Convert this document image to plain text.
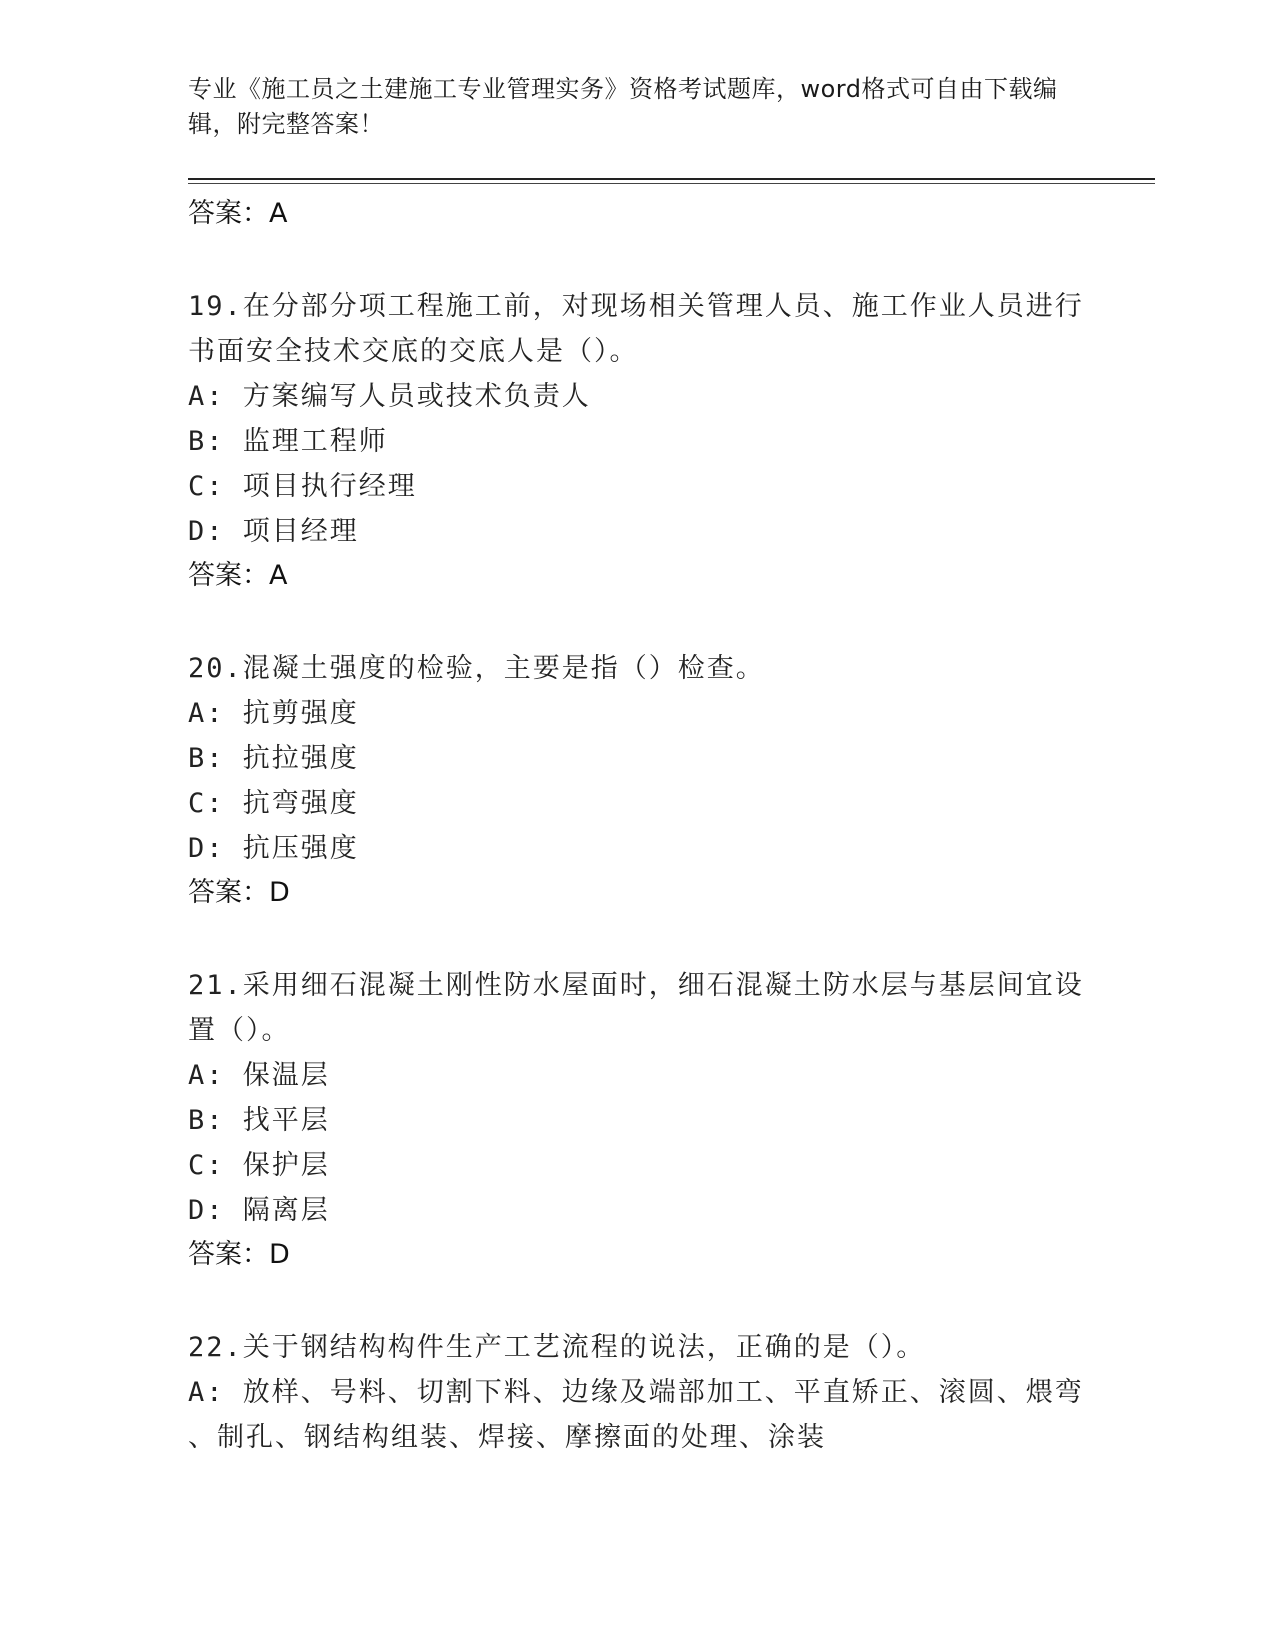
专业《施工员之土建施工专业管理实务》资格考试题库，word格式可自由下载编
辑，附完整答案！
答案：A
19.在分部分项工程施工前，对现场相关管理人员、施工作业人员进行
书面安全技术交底的交底人是（）。
A: 方案编写人员或技术负责人
B: 监理工程师
C: 项目执行经理
D: 项目经理
答案：A
20.混凝土强度的检验，主要是指（）检查。
A: 抗剪强度
B: 抗拉强度
C: 抗弯强度
D: 抗压强度
答案：D
21.采用细石混凝土刚性防水屋面时，细石混凝土防水层与基层间宜设
置（）。
A: 保温层
B: 找平层
C: 保护层
D: 隔离层
答案：D
22.关于钢结构构件生产工艺流程的说法，正确的是（）。
A: 放样、号料、切割下料、边缘及端部加工、平直矫正、滚圆、煨弯
、制孔、钢结构组装、焊接、摩擦面的处理、涂装
